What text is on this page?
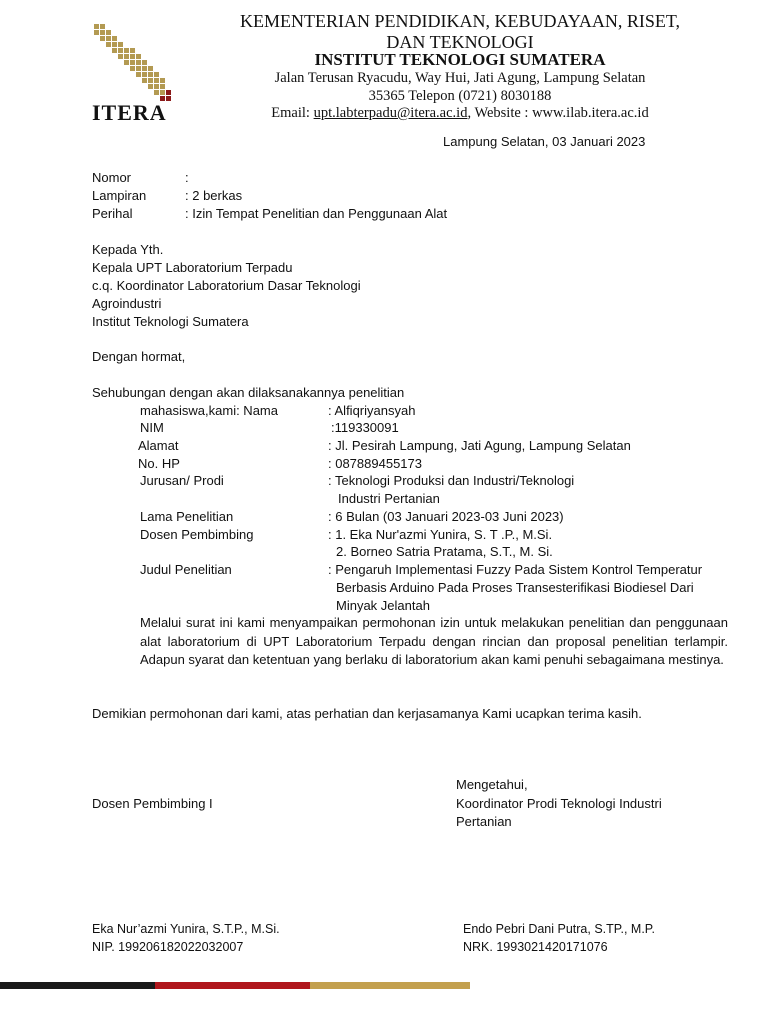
ITERA
KEMENTERIAN PENDIDIKAN, KEBUDAYAAN, RISET,
DAN TEKNOLOGI
INSTITUT TEKNOLOGI SUMATERA
Jalan Terusan Ryacudu, Way Hui, Jati Agung, Lampung Selatan
35365 Telepon (0721) 8030188
Email: upt.labterpadu@itera.ac.id, Website : www.ilab.itera.ac.id
Lampung Selatan, 03 Januari 2023
Nomor	:
Lampiran	: 2 berkas
Perihal	: Izin Tempat Penelitian dan Penggunaan Alat
Kepada Yth.
Kepala UPT Laboratorium Terpadu
c.q. Koordinator Laboratorium Dasar Teknologi
Agroindustri
Institut Teknologi Sumatera
Dengan hormat,
Sehubungan dengan akan dilaksanakannya penelitian
mahasiswa,kami: Nama	: Alfiqriyansyah
NIM	:119330091
Alamat	: Jl. Pesirah Lampung, Jati Agung, Lampung Selatan
No. HP	: 087889455173
Jurusan/ Prodi	: Teknologi Produksi dan Industri/Teknologi
Industri Pertanian
Lama Penelitian	: 6 Bulan (03 Januari 2023-03 Juni 2023)
Dosen Pembimbing	: 1. Eka Nur'azmi Yunira, S. T .P., M.Si.
2. Borneo Satria Pratama, S.T., M. Si.
Judul Penelitian	: Pengaruh Implementasi Fuzzy Pada Sistem Kontrol Temperatur
Berbasis Arduino Pada Proses Transesterifikasi Biodiesel Dari
Minyak Jelantah
Melalui surat ini kami menyampaikan permohonan izin untuk melakukan penelitian dan penggunaan alat laboratorium di UPT Laboratorium Terpadu dengan rincian dan proposal penelitian terlampir. Adapun syarat dan ketentuan yang berlaku di laboratorium akan kami penuhi sebagaimana mestinya.
Demikian permohonan dari kami, atas perhatian dan kerjasamanya Kami ucapkan terima kasih.
Mengetahui,
Dosen Pembimbing I	Koordinator Prodi Teknologi Industri
Pertanian
Eka Nur’azmi Yunira, S.T.P., M.Si.	Endo Pebri Dani Putra, S.TP., M.P.
NIP. 199206182022032007	NRK. 1993021420171076
